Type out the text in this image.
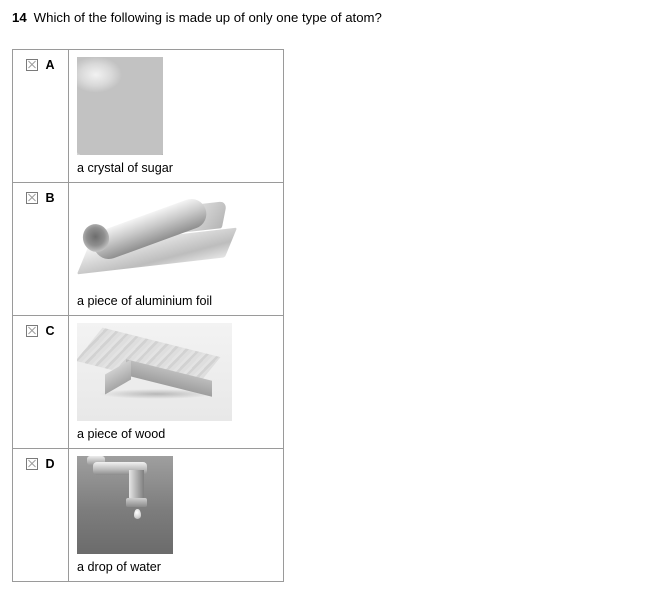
14 Which of the following is made up of only one type of atom?
A
a crystal of sugar
B
a piece of aluminium foil
C
a piece of wood
D
a drop of water
